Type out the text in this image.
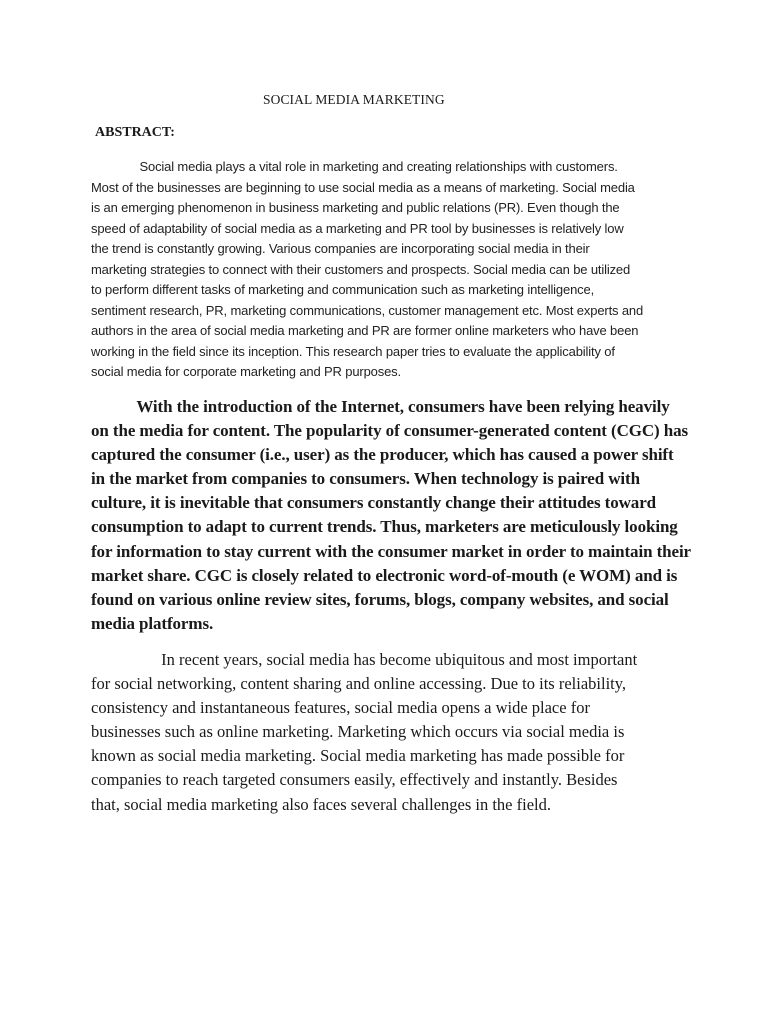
SOCIAL MEDIA MARKETING
ABSTRACT:
Social media plays a vital role in marketing and creating relationships with customers.
Most of the businesses are beginning to use social media as a means of marketing. Social media
is an emerging phenomenon in business marketing and public relations (PR). Even though the
speed of adaptability of social media as a marketing and PR tool by businesses is relatively low
the trend is constantly growing. Various companies are incorporating social media in their
marketing strategies to connect with their customers and prospects. Social media can be utilized
to perform different tasks of marketing and communication such as marketing intelligence,
sentiment research, PR, marketing communications, customer management etc. Most experts and
authors in the area of social media marketing and PR are former online marketers who have been
working in the field since its inception. This research paper tries to evaluate the applicability of
social media for corporate marketing and PR purposes.
With the introduction of the Internet, consumers have been relying heavily
on the media for content. The popularity of consumer-generated content (CGC) has
captured the consumer (i.e., user) as the producer, which has caused a power shift
in the market from companies to consumers. When technology is paired with
culture, it is inevitable that consumers constantly change their attitudes toward
consumption to adapt to current trends. Thus, marketers are meticulously looking
for information to stay current with the consumer market in order to maintain their
market share. CGC is closely related to electronic word-of-mouth (e WOM) and is
found on various online review sites, forums, blogs, company websites, and social
media platforms.
In recent years, social media has become ubiquitous and most important
for social networking, content sharing and online accessing. Due to its reliability,
consistency and instantaneous features, social media opens a wide place for
businesses such as online marketing. Marketing which occurs via social media is
known as social media marketing. Social media marketing has made possible for
companies to reach targeted consumers easily, effectively and instantly. Besides
that, social media marketing also faces several challenges in the field.
